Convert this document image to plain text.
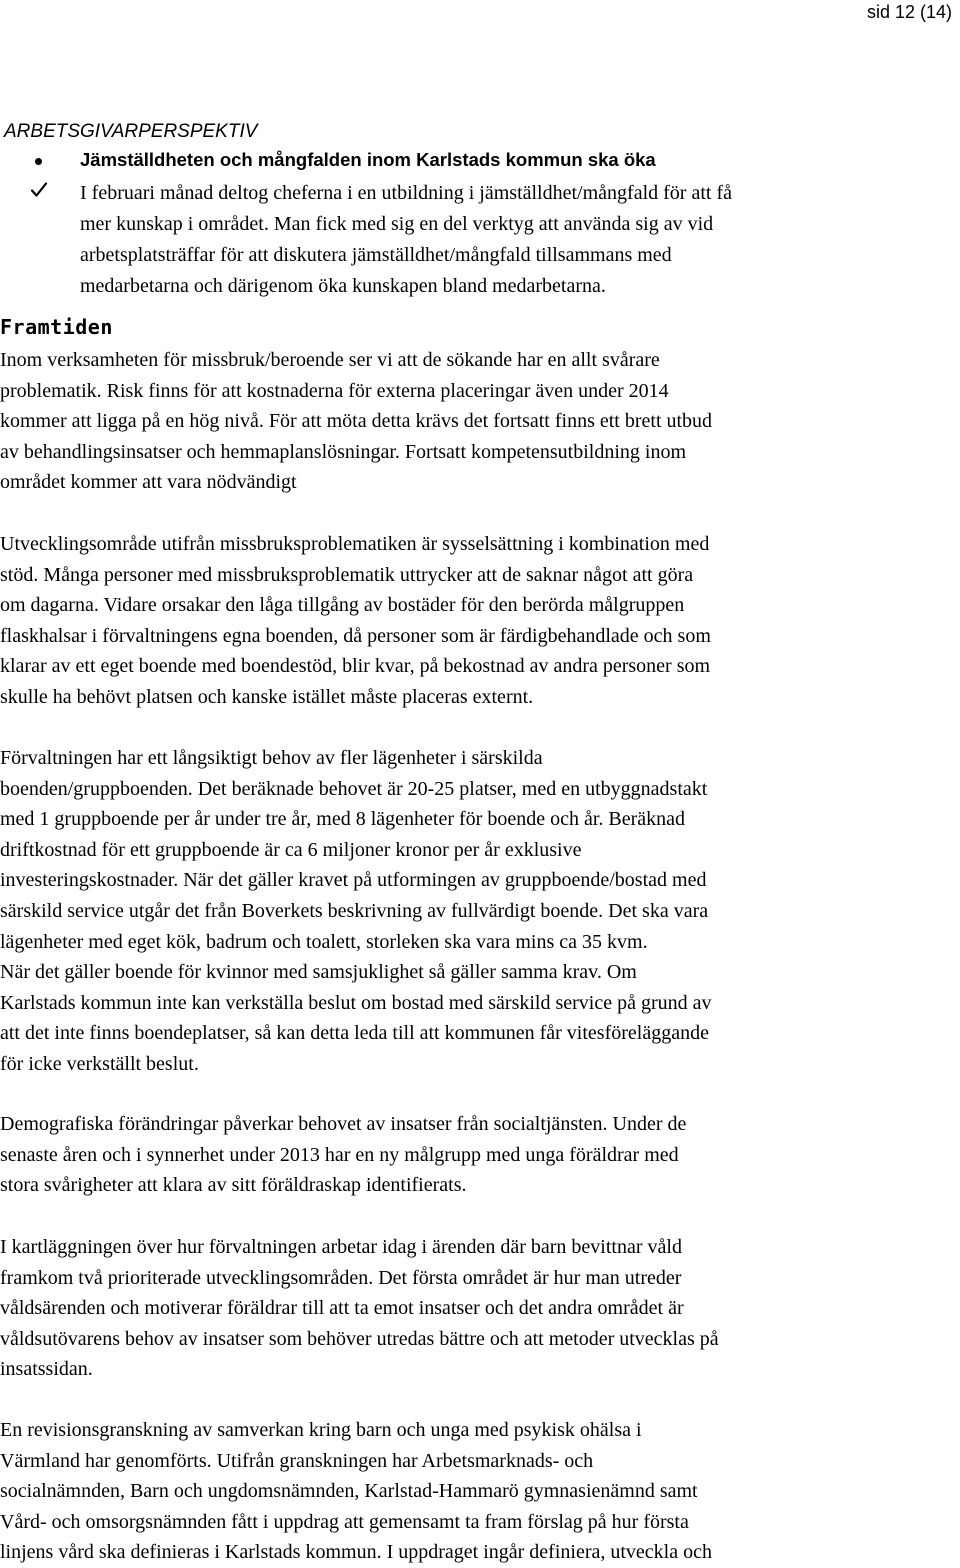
sid 12 (14)
ARBETSGIVARPERSPEKTIV
Jämställdheten och mångfalden inom Karlstads kommun ska öka
I februari månad deltog cheferna i en utbildning i jämställdhet/mångfald för att få
mer kunskap i området. Man fick med sig en del verktyg att använda sig av vid
arbetsplatsträffar för att diskutera jämställdhet/mångfald tillsammans med
medarbetarna och därigenom öka kunskapen bland medarbetarna.
Framtiden
Inom verksamheten för missbruk/beroende ser vi att de sökande har en allt svårare
problematik. Risk finns för att kostnaderna för externa placeringar även under 2014
kommer att ligga på en hög nivå. För att möta detta krävs det fortsatt finns ett brett utbud
av behandlingsinsatser och hemmaplanslösningar. Fortsatt kompetensutbildning inom
området kommer att vara nödvändigt
Utvecklingsområde utifrån missbruksproblematiken är sysselsättning i kombination med
stöd. Många personer med missbruksproblematik uttrycker att de saknar något att göra
om dagarna. Vidare orsakar den låga tillgång av bostäder för den berörda målgruppen
flaskhalsar i förvaltningens egna boenden, då personer som är färdigbehandlade och som
klarar av ett eget boende med boendestöd, blir kvar, på bekostnad av andra personer som
skulle ha behövt platsen och kanske istället måste placeras externt.
Förvaltningen har ett långsiktigt behov av fler lägenheter i särskilda
boenden/gruppboenden. Det beräknade behovet är 20-25 platser, med en utbyggnadstakt
med 1 gruppboende per år under tre år, med 8 lägenheter för boende och år. Beräknad
driftkostnad för ett gruppboende är ca 6 miljoner kronor per år exklusive
investeringskostnader. När det gäller kravet på utformingen av gruppboende/bostad med
särskild service utgår det från Boverkets beskrivning av fullvärdigt boende. Det ska vara
lägenheter med eget kök, badrum och toalett, storleken ska vara mins ca 35 kvm.
När det gäller boende för kvinnor med samsjuklighet så gäller samma krav. Om
Karlstads kommun inte kan verkställa beslut om bostad med särskild service på grund av
att det inte finns boendeplatser, så kan detta leda till att kommunen får vitesföreläggande
för icke verkställt beslut.
Demografiska förändringar påverkar behovet av insatser från socialtjänsten. Under de
senaste åren och i synnerhet under 2013 har en ny målgrupp med unga föräldrar med
stora svårigheter att klara av sitt föräldraskap identifierats.
I kartläggningen över hur förvaltningen arbetar idag i ärenden där barn bevittnar våld
framkom två prioriterade utvecklingsområden. Det första området är hur man utreder
våldsärenden och motiverar föräldrar till att ta emot insatser och det andra området är
våldsutövarens behov av insatser som behöver utredas bättre och att metoder utvecklas på
insatssidan.
En revisionsgranskning av samverkan kring barn och unga med psykisk ohälsa i
Värmland har genomförts. Utifrån granskningen har Arbetsmarknads- och
socialnämnden, Barn och ungdomsnämnden, Karlstad-Hammarö gymnasienämnd samt
Vård- och omsorgsnämnden fått i uppdrag att gemensamt ta fram förslag på hur första
linjens vård ska definieras i Karlstads kommun. I uppdraget ingår definiera, utveckla och
